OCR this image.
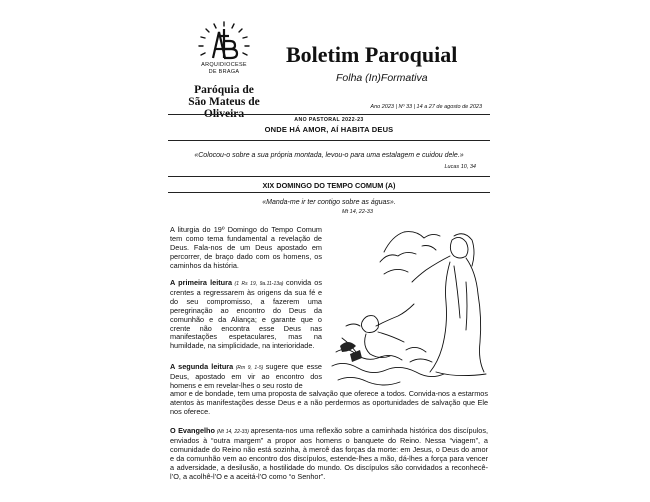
ARQUIDIOCESE
DE BRAGA
Paróquia de
São Mateus de Oliveira
Boletim Paroquial
Folha (In)Formativa
Ano 2023 | Nº 33 | 14 a 27 de agosto de 2023
ANO PASTORAL 2022-23
ONDE HÁ AMOR, AÍ HABITA DEUS
«Colocou-o sobre a sua própria montada, levou-o para uma estalagem e cuidou dele.»
Lucas 10, 34
XIX DOMINGO DO TEMPO COMUM (A)
«Manda-me ir ter contigo sobre as águas».
Mt 14, 22-33

A liturgia do 19º Domingo do Tempo Comum tem como tema fundamental a revelação de Deus. Fala-nos de um Deus apostado em percorrer, de braço dado com os homens, os caminhos da história.

A primeira leitura (1 Rs 19, 9a.11-13a) convida os crentes a regressarem às origens da sua fé e do seu compromisso, a fazerem uma peregrinação ao encontro do Deus da comunhão e da Aliança; e garante que o crente não encontra esse Deus nas manifestações espetaculares, mas na humildade, na simplicidade, na interioridade.

A segunda leitura (Rm 9, 1-5) sugere que esse Deus, apostado em vir ao encontro dos homens e em revelar-lhes o seu rosto de

amor e de bondade, tem uma proposta de salvação que oferece a todos. Convida-nos a estarmos atentos às manifestações desse Deus e a não perdermos as oportunidades de salvação que Ele nos oferece.

O Evangelho (Mt 14, 22-33) apresenta-nos uma reflexão sobre a caminhada histórica dos discípulos, enviados à “outra margem” a propor aos homens o banquete do Reino. Nessa “viagem”, a comunidade do Reino não está sozinha, à mercê das forças da morte: em Jesus, o Deus do amor e da comunhão vem ao encontro dos discípulos, estende-lhes a mão, dá-lhes a força para vencer a adversidade, a desilusão, a hostilidade do mundo. Os discípulos são convidados a reconhecê-l’O, a acolhê-l’O e a aceitá-l’O como “o Senhor”.
